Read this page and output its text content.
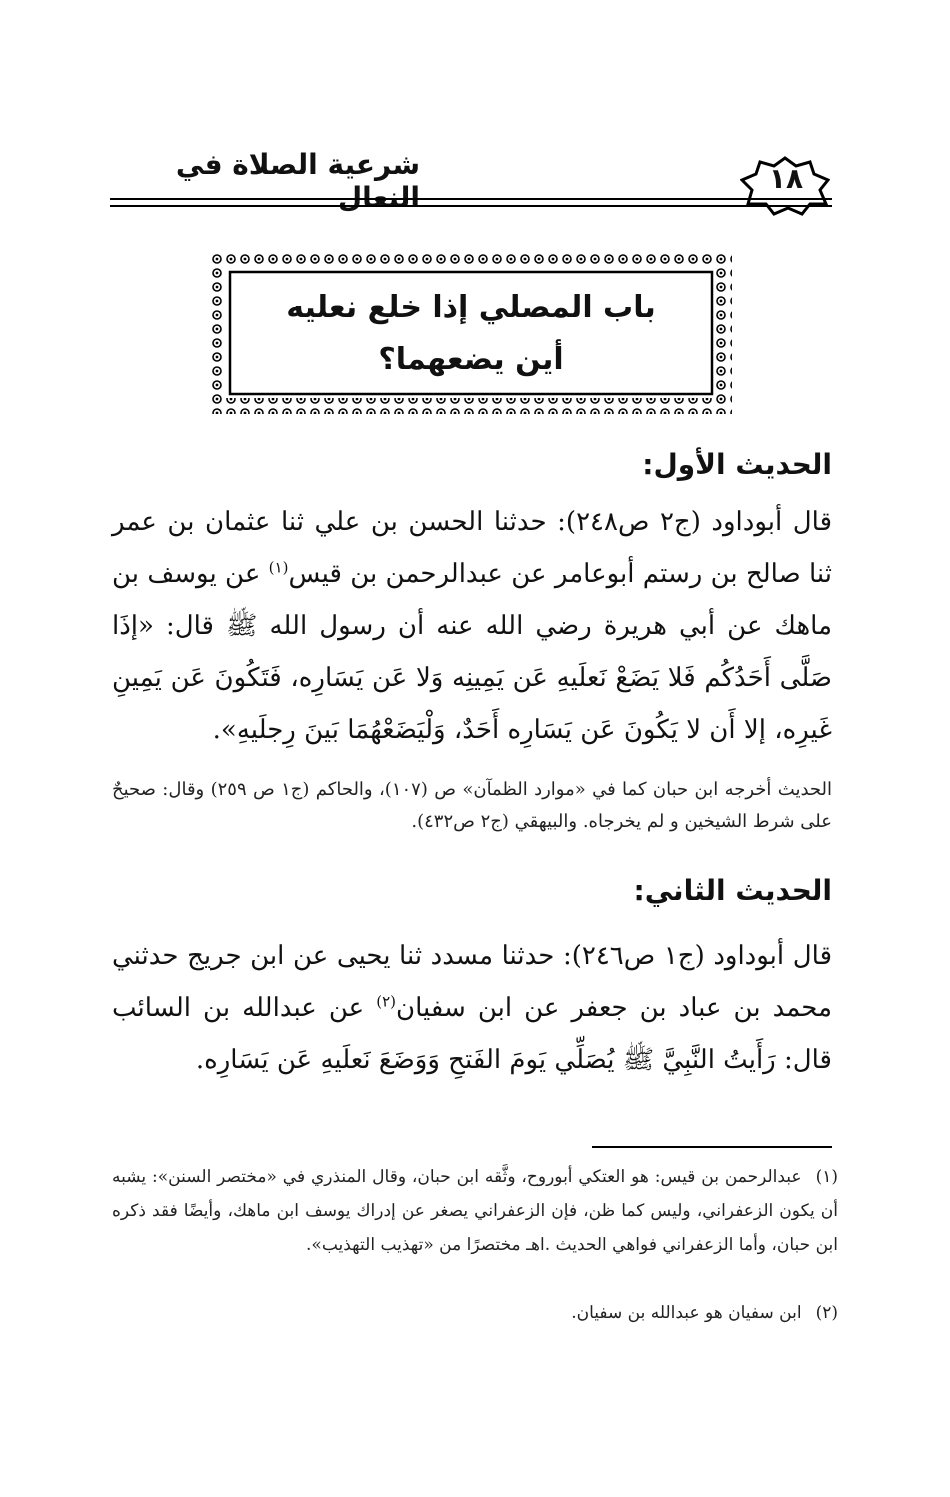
شرعية الصلاة في النعال
١٨
باب المصلي إذا خلع نعليه
أين يضعهما؟
الحديث الأول:
قال أبوداود (ج٢ ص٢٤٨): حدثنا الحسن بن علي ثنا عثمان بن عمر ثنا صالح بن رستم أبوعامر عن عبدالرحمن بن قيس$^{(١)}$ عن يوسف بن ماهك عن أبي هريرة رضي الله عنه أن رسول الله ﷺ قال: «إذَا صَلَّى أَحَدُكُم فَلا يَضَعْ نَعلَيهِ عَن يَمِينِه وَلا عَن يَسَارِه، فَتَكُونَ عَن يَمِينِ غَيرِه، إلا أَن لا يَكُونَ عَن يَسَارِه أَحَدٌ، وَلْيَضَعْهُمَا بَينَ رِجلَيهِ».
الحديث أخرجه ابن حبان كما في «موارد الظمآن» ص (١٠٧)، والحاكم (ج١ ص ٢٥٩) وقال: صحيحٌ على شرط الشيخين و لم يخرجاه. والبيهقي (ج٢ ص٤٣٢).
الحديث الثاني:
قال أبوداود (ج١ ص٢٤٦): حدثنا مسدد ثنا يحيى عن ابن جريج حدثني محمد بن عباد بن جعفر عن ابن سفيان$^{(٢)}$ عن عبدالله بن السائب قال: رَأَيتُ النَّبِيَّ ﷺ يُصَلِّي يَومَ الفَتحِ وَوَضَعَ نَعلَيهِ عَن يَسَارِه.
(١)عبدالرحمن بن قيس: هو العتكي أبوروح، وثَّقه ابن حبان، وقال المنذري في «مختصر السنن»: يشبه أن يكون الزعفراني، وليس كما ظن، فإن الزعفراني يصغر عن إدراك يوسف ابن ماهك، وأيضًا فقد ذكره ابن حبان، وأما الزعفراني فواهي الحديث .اهـ مختصرًا من «تهذيب التهذيب».
(٢)ابن سفيان هو عبدالله بن سفيان.
